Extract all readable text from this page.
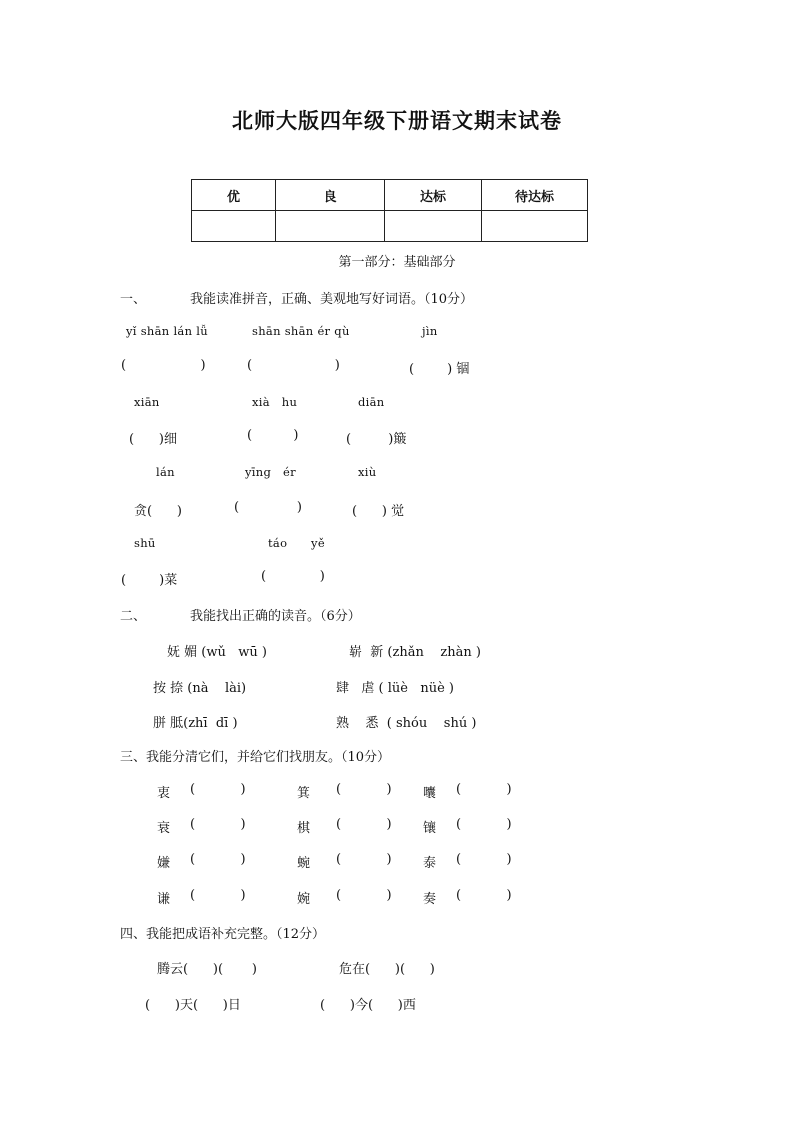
北师大版四年级下册语文期末试卷
优	良	达标	待达标

第一部分：基础部分
一、	我能读准拼音，正确、美观地写好词语。（10分）
yǐ shān lán lǚ	shān shān ér qù	jìn
(                  )	(                    )	(        ) 锢
xiān	xià   hu	diān
(      )细	(          )	(         )簸
lán	yīng   ér	xiù
贪(      )	(              )	(      ) 觉
shū	táo      yě
(        )菜	(             )
二、	我能找出正确的读音。（6分）
妩 媚 (wǔ   wū )	崭  新 (zhǎn    zhàn )
按 捺 (nà    lài)	肆   虐 ( lüè   nüè )
胼 胝(zhī  dī )	熟    悉  ( shóu    shú )
三、我能分清它们，并给它们找朋友。（10分）
衷 (           )	箕 (           ) 囔 (           )
衰 (           )	棋 (           ) 镶 (           )
嫌 (           )	蜿 (           ) 泰 (           )
谦 (           )	婉 (           ) 奏 (           )
四、我能把成语补充完整。（12分）
腾云(      )(       )	危在(      )(      )
(      )天(      )日	(      )今(      )西
